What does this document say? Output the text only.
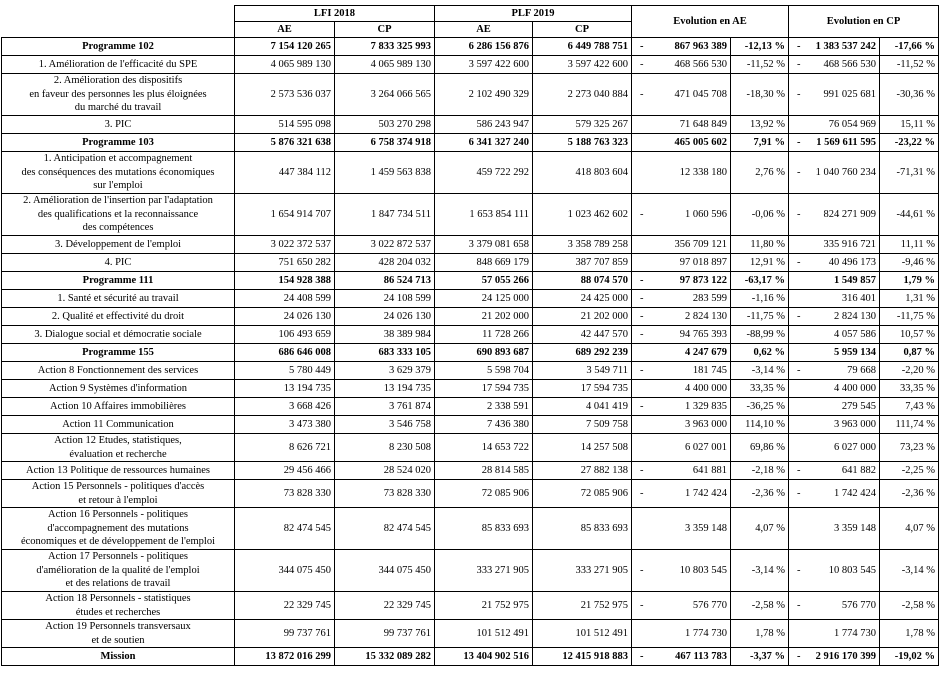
	LFI 2018		PLF 2019		Evolution en AE		Evolution en CP	
	AE	CP	AE	CP				
Programme 102	7 154 120 265	7 833 325 993	6 286 156 876	6 449 788 751	- 867 963 389	-12,13 %	- 1 383 537 242	-17,66 %
1. Amélioration de l'efficacité du SPE	4 065 989 130	4 065 989 130	3 597 422 600	3 597 422 600	- 468 566 530	-11,52 %	- 468 566 530	-11,52 %
2. Amélioration des dispositifs
en faveur des personnes les plus éloignées
du marché du travail	2 573 536 037	3 264 066 565	2 102 490 329	2 273 040 884	- 471 045 708	-18,30 %	- 991 025 681	-30,36 %
3. PIC	514 595 098	503 270 298	586 243 947	579 325 267	71 648 849	13,92 %	76 054 969	15,11 %
Programme 103	5 876 321 638	6 758 374 918	6 341 327 240	5 188 763 323	465 005 602	7,91 %	- 1 569 611 595	-23,22 %
1. Anticipation et accompagnement
des conséquences des mutations économiques
sur l'emploi	447 384 112	1 459 563 838	459 722 292	418 803 604	12 338 180	2,76 %	- 1 040 760 234	-71,31 %
2. Amélioration de l'insertion par l'adaptation
des qualifications et la reconnaissance
des compétences	1 654 914 707	1 847 734 511	1 653 854 111	1 023 462 602	- 1 060 596	-0,06 %	- 824 271 909	-44,61 %
3. Développement de l'emploi	3 022 372 537	3 022 872 537	3 379 081 658	3 358 789 258	356 709 121	11,80 %	335 916 721	11,11 %
4. PIC	751 650 282	428 204 032	848 669 179	387 707 859	97 018 897	12,91 %	- 40 496 173	-9,46 %
Programme 111	154 928 388	86 524 713	57 055 266	88 074 570	- 97 873 122	-63,17 %	1 549 857	1,79 %
1. Santé et sécurité au travail	24 408 599	24 108 599	24 125 000	24 425 000	- 283 599	-1,16 %	316 401	1,31 %
2. Qualité et effectivité du droit	24 026 130	24 026 130	21 202 000	21 202 000	- 2 824 130	-11,75 %	- 2 824 130	-11,75 %
3. Dialogue social et démocratie sociale	106 493 659	38 389 984	11 728 266	42 447 570	- 94 765 393	-88,99 %	4 057 586	10,57 %
Programme 155	686 646 008	683 333 105	690 893 687	689 292 239	4 247 679	0,62 %	5 959 134	0,87 %
Action 8 Fonctionnement des services	5 780 449	3 629 379	5 598 704	3 549 711	- 181 745	-3,14 %	- 79 668	-2,20 %
Action 9 Systèmes d'information	13 194 735	13 194 735	17 594 735	17 594 735	4 400 000	33,35 %	4 400 000	33,35 %
Action 10 Affaires immobilières	3 668 426	3 761 874	2 338 591	4 041 419	- 1 329 835	-36,25 %	279 545	7,43 %
Action 11 Communication	3 473 380	3 546 758	7 436 380	7 509 758	3 963 000	114,10 %	3 963 000	111,74 %
Action 12 Etudes, statistiques,
évaluation et recherche	8 626 721	8 230 508	14 653 722	14 257 508	6 027 001	69,86 %	6 027 000	73,23 %
Action 13 Politique de ressources humaines	29 456 466	28 524 020	28 814 585	27 882 138	- 641 881	-2,18 %	- 641 882	-2,25 %
Action 15 Personnels - politiques d'accès
et retour à l'emploi	73 828 330	73 828 330	72 085 906	72 085 906	- 1 742 424	-2,36 %	- 1 742 424	-2,36 %
Action 16 Personnels - politiques
d'accompagnement des mutations
économiques et de développement de l'emploi	82 474 545	82 474 545	85 833 693	85 833 693	3 359 148	4,07 %	3 359 148	4,07 %
Action 17 Personnels - politiques
d'amélioration de la qualité de l'emploi
et des relations de travail	344 075 450	344 075 450	333 271 905	333 271 905	- 10 803 545	-3,14 %	- 10 803 545	-3,14 %
Action 18 Personnels - statistiques
études et recherches	22 329 745	22 329 745	21 752 975	21 752 975	- 576 770	-2,58 %	- 576 770	-2,58 %
Action 19 Personnels transversaux
et de soutien	99 737 761	99 737 761	101 512 491	101 512 491	1 774 730	1,78 %	1 774 730	1,78 %
Mission	13 872 016 299	15 332 089 282	13 404 902 516	12 415 918 883	- 467 113 783	-3,37 %	- 2 916 170 399	-19,02 %
